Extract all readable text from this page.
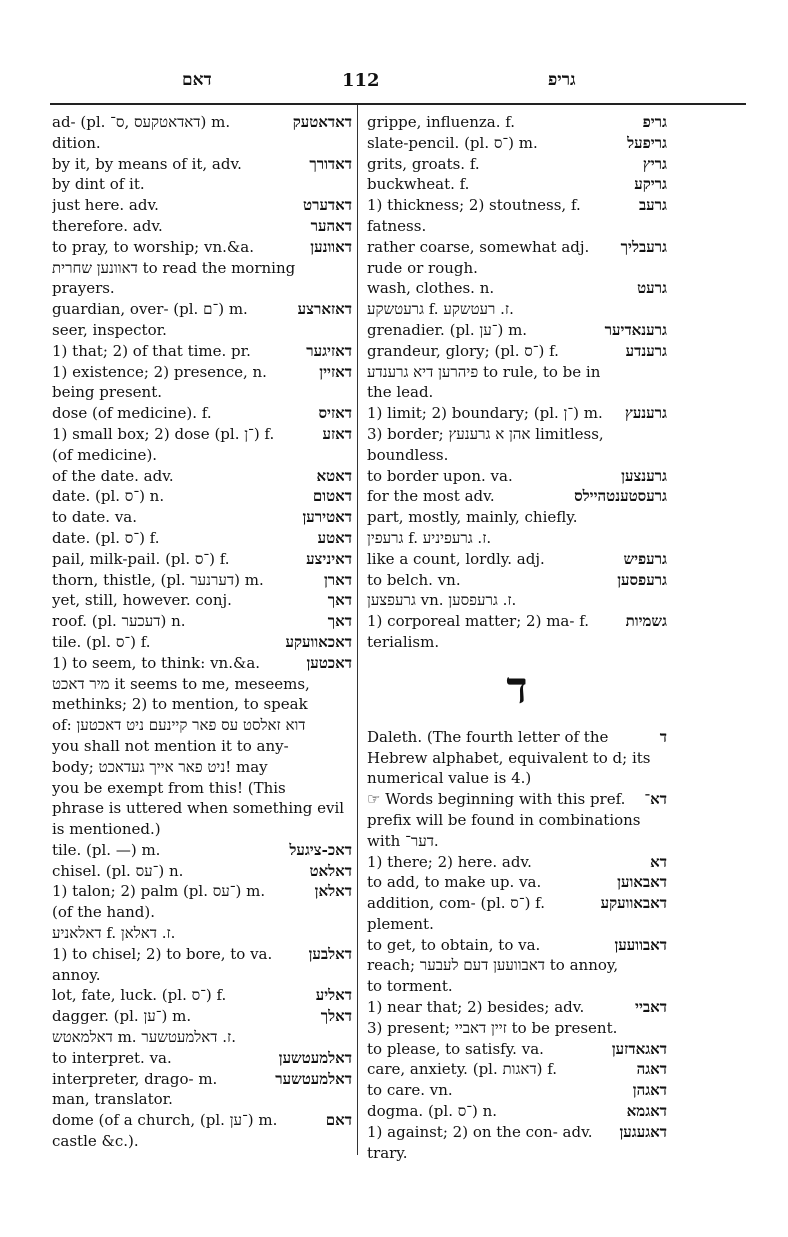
דאם	112	גריפ
ad- (pl. דאדאטקעס ,ס־) m.	דאדאטעק
dition.
by it, by means of it, adv.	דאדורך
by dint of it.
just here. adv.	דאדערט
therefore. adv.	דאהער
to pray, to worship; vn.&a.	דאוונען
דאוונען שחרית to read the morning
prayers.
guardian, over- (pl. ־ם) m.	דאזארצע
seer, inspector.
1) that; 2) of that time. pr.	דאזיגער
1) existence; 2) presence, n.	דאזיין
being present.
dose (of medicine). f.	דאזיס
1) small box; 2) dose (pl. ־ן) f.	דאזע
(of medicine).
of the date. adv.	דאטא
date. (pl. ־ס) n.	דאטום
to date. va.	דאטירען
date. (pl. ־ס) f.	דאטע
pail, milk-pail. (pl. ־ס) f.	דאיניצע
thorn, thistle, (pl. דערנער) m.	דארן
yet, still, however. conj.	דאך
roof. (pl. דעכער) n.	דאך
tile. (pl. ־ס) f.	דאכאוועקע
1) to seem, to think: vn.&a.	דאכטען
מיר דאכט it seems to me, meseems,
methinks; 2) to mention, to speak
of: דוא זאלסט עס פאר קיינעם ניט דאכטען
you shall not mention it to any-
body; ניט פאר אייך געדאכט! may
you be exempt from this! (This
phrase is uttered when something evil
is mentioned.)
tile. (pl. —) m.	דאכ-ציגעל
chisel. (pl. ־עס) n.	דאלאט
1) talon; 2) palm (pl. ־עס) m.	דאלאן
(of the hand).
דאלאניע f. ז. דאלאן.
1) to chisel; 2) to bore, to va. דאלבען
annoy.
lot, fate, luck. (pl. ־ס) f.	דאליע
dagger. (pl. ־ען) m.	דאלך
דאלמאטש m. ז. דאלמעטשער.
to interpret. va.	דאלמעטשען
interpreter, drago- m.	דאלמעטשער
man, translator.
dome (of a church, (pl. ־ען) m.	דאם
castle &c.).
grippe, influenza. f.	גריפ
slate-pencil. (pl. ־ס) m.	גריפעל
grits, groats. f.	גריץ
buckwheat. f.	גריקע
1) thickness; 2) stoutness, f.	גרעב
fatness.
rather coarse, somewhat adj. גרעבליך
rude or rough.
wash, clothes. n.	גרעט
גרעטשקע f. ז. רעטשקע.
grenadier. (pl. ־ען) m.	גרענאדיער
grandeur, glory; (pl. ־ס) f.	גרענדע
פיהרען דיא גרענדע to rule, to be in
the lead.
1) limit; 2) boundary; (pl. ־ן) m. גרענעץ
3) border; אהן א גרענעץ limitless,
boundless.
to border upon. va.	גרענצען
for the most adv.	גרעסטענטהיילס
part, mostly, mainly, chiefly.
גרעפין f. ז. גרעפיניע.
like a count, lordly. adj.	גרעפיש
to belch. vn.	גרעפסען
גרעפצען vn. ז. גרעפסען.
1) corporeal matter; 2) ma- f. גשמיות
terialism.
ד
Daleth. (The fourth letter of the	ד
Hebrew alphabet, equivalent to d; its
numerical value is 4.)
☞ Words beginning with this pref. דא־
prefix will be found in combinations
with דער־.
1) there; 2) here. adv.	דא
to add, to make up. va.	דאבאוען
addition, com- (pl. ־ס) f.	דאבאוועקע
plement.
to get, to obtain, to va.	דאבוועען
reach; דאבוועען דעם לעבער to annoy,
to torment.
1) near that; 2) besides; adv.	דאביי
3) present; זיין דאביי to be present.
to please, to satisfy. va.	דאגאדזען
care, anxiety. (pl. דאגות) f.	דאגה
to care. vn.	דאגהן
dogma. (pl. ־ס) n.	דאגמא
1) against; 2) on the con- adv. דאגעגען
trary.
